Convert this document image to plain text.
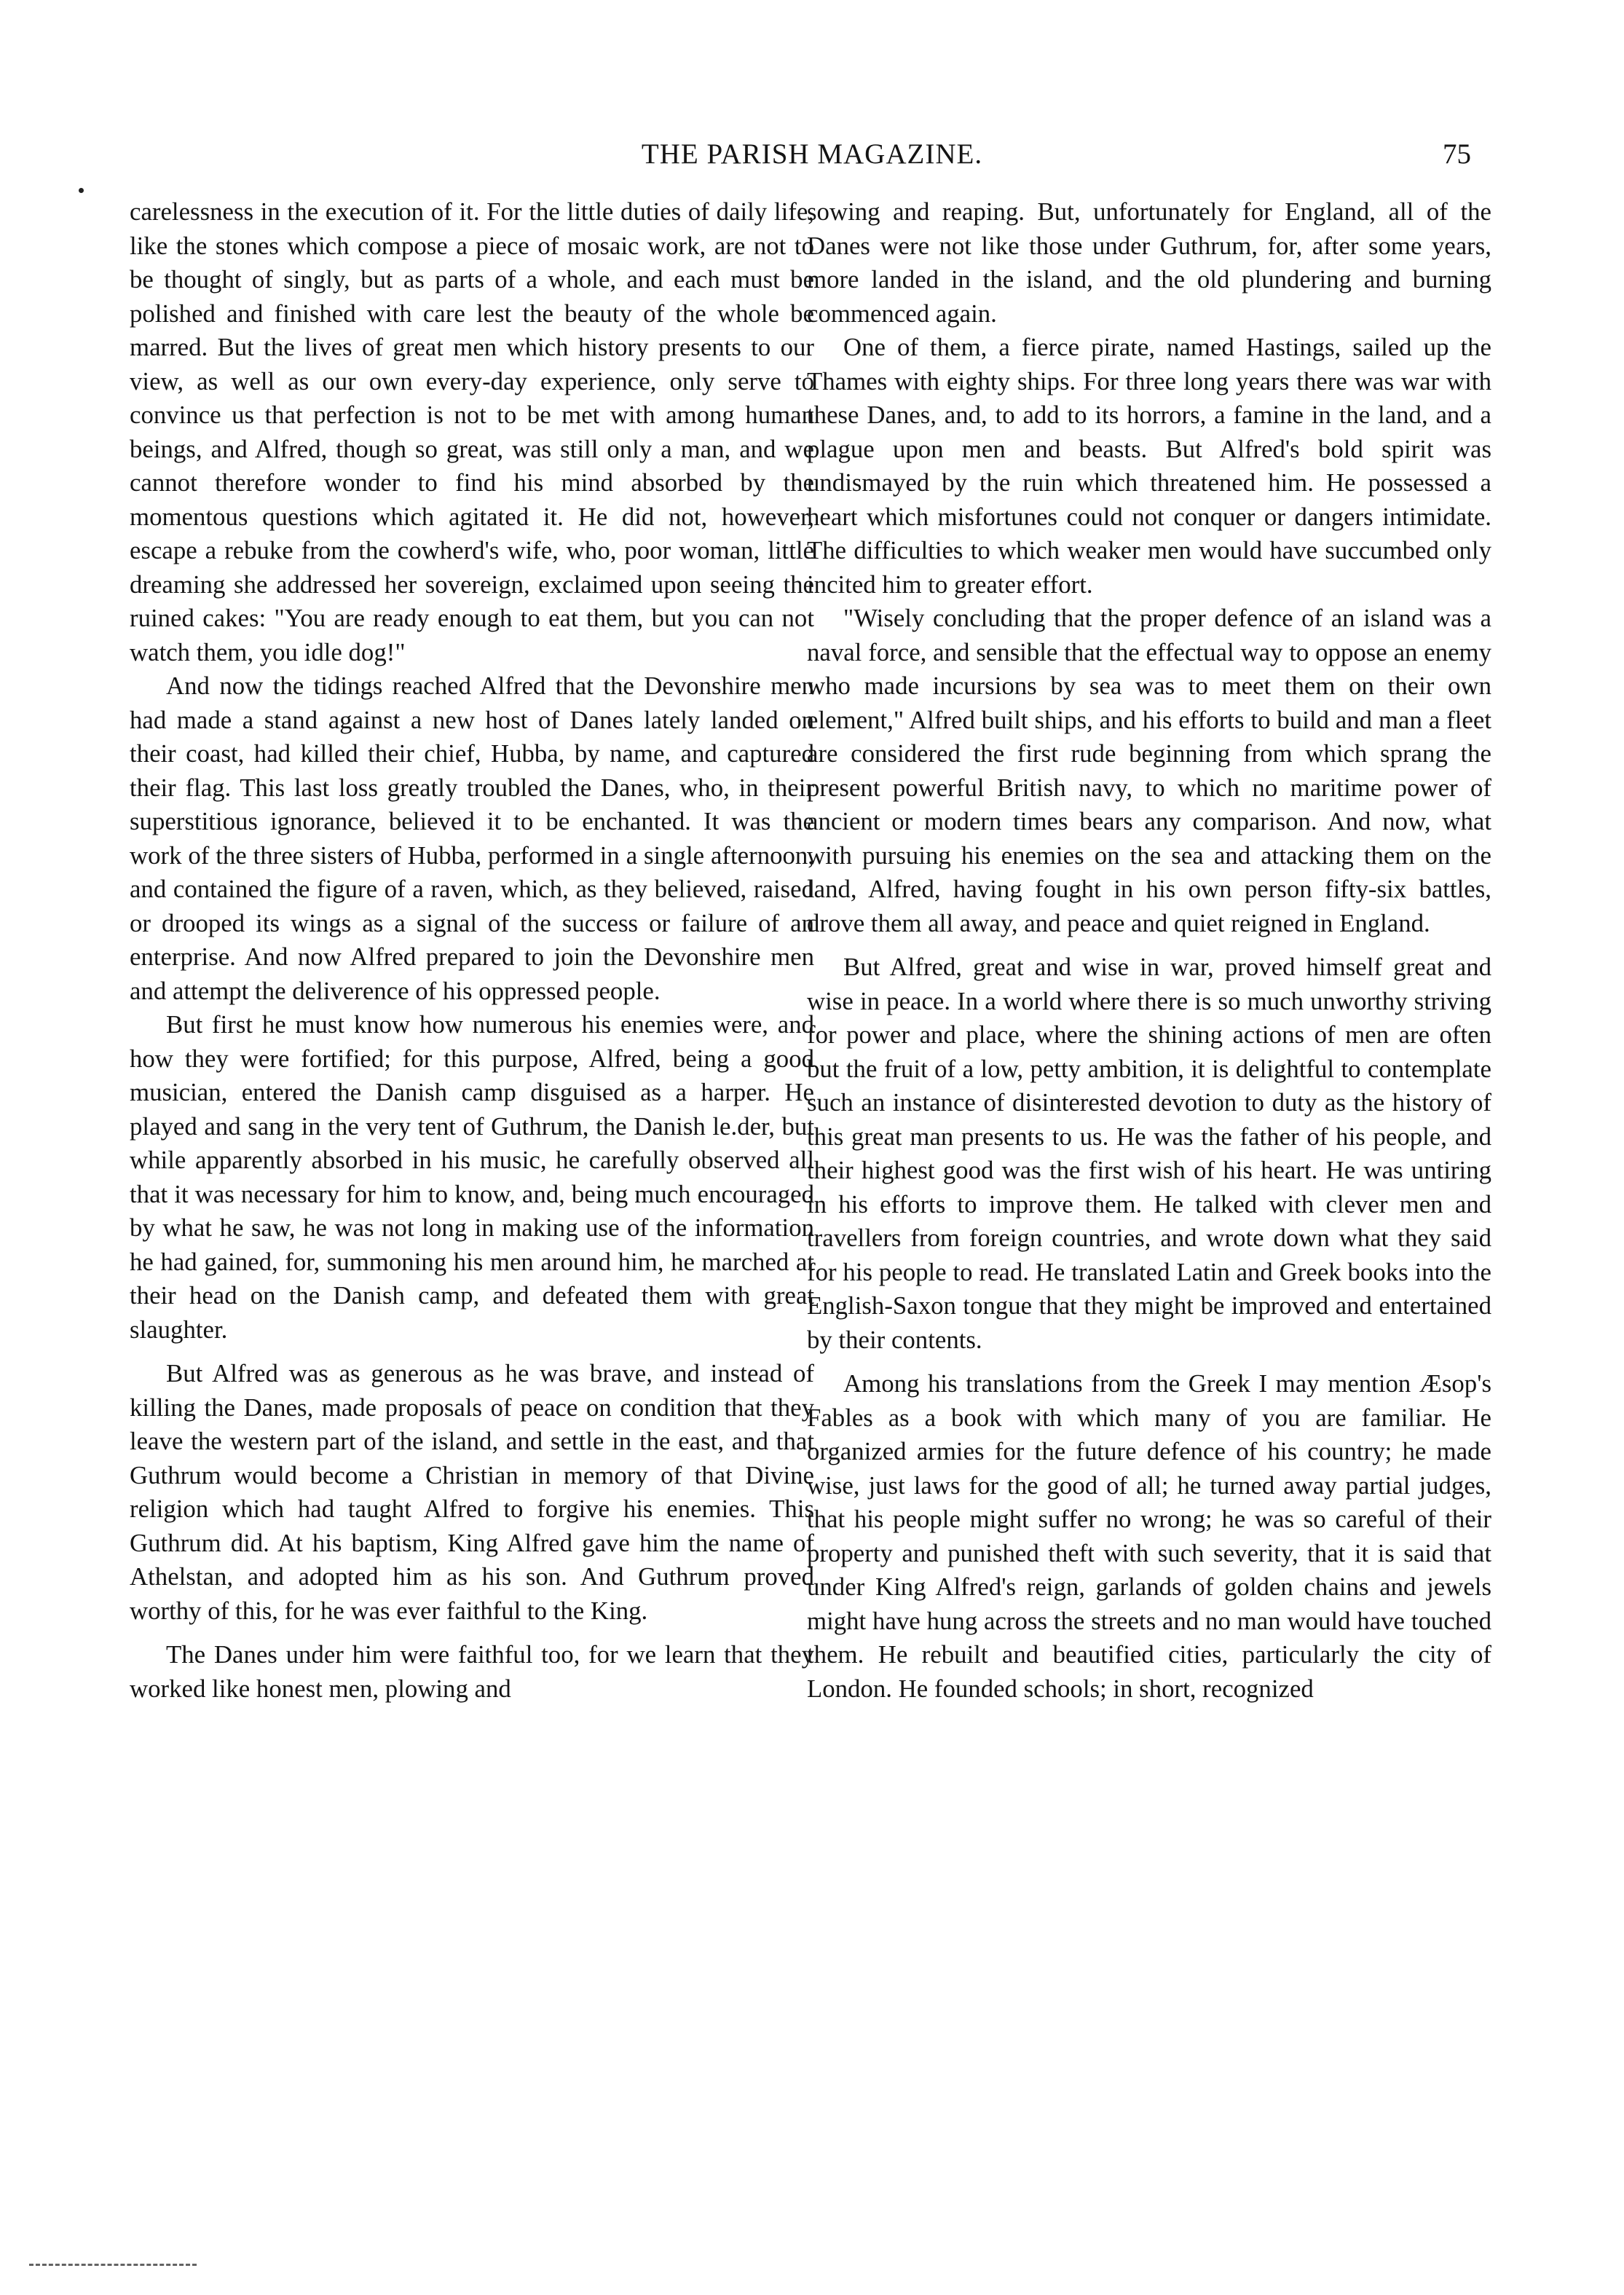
THE PARISH MAGAZINE.	75

carelessness in the execution of it. For the little duties of daily life, like the stones which compose a piece of mosaic work, are not to be thought of singly, but as parts of a whole, and each must be polished and finished with care lest the beauty of the whole be marred. But the lives of great men which history presents to our view, as well as our own every-day experience, only serve to convince us that perfection is not to be met with among human beings, and Alfred, though so great, was still only a man, and we cannot therefore wonder to find his mind absorbed by the momentous questions which agitated it. He did not, however, escape a rebuke from the cowherd's wife, who, poor woman, little dreaming she addressed her sovereign, exclaimed upon seeing the ruined cakes: "You are ready enough to eat them, but you can not watch them, you idle dog!"

And now the tidings reached Alfred that the Devonshire men had made a stand against a new host of Danes lately landed on their coast, had killed their chief, Hubba, by name, and captured their flag. This last loss greatly troubled the Danes, who, in their superstitious ignorance, believed it to be enchanted. It was the work of the three sisters of Hubba, performed in a single afternoon, and contained the figure of a raven, which, as they believed, raised or drooped its wings as a signal of the success or failure of an enterprise. And now Alfred prepared to join the Devonshire men and attempt the deliverence of his oppressed people.

But first he must know how numerous his enemies were, and how they were fortified; for this purpose, Alfred, being a good musician, entered the Danish camp disguised as a harper. He played and sang in the very tent of Guthrum, the Danish le.der, but while apparently absorbed in his music, he carefully observed all that it was necessary for him to know, and, being much encouraged by what he saw, he was not long in making use of the information he had gained, for, summoning his men around him, he marched at their head on the Danish camp, and defeated them with great slaughter.

But Alfred was as generous as he was brave, and instead of killing the Danes, made proposals of peace on condition that they leave the western part of the island, and settle in the east, and that Guthrum would become a Christian in memory of that Divine religion which had taught Alfred to forgive his enemies. This Guthrum did. At his baptism, King Alfred gave him the name of Athelstan, and adopted him as his son. And Guthrum proved worthy of this, for he was ever faithful to the King.

The Danes under him were faithful too, for we learn that they worked like honest men, plowing and

sowing and reaping. But, unfortunately for England, all of the Danes were not like those under Guthrum, for, after some years, more landed in the island, and the old plundering and burning commenced again.

One of them, a fierce pirate, named Hastings, sailed up the Thames with eighty ships. For three long years there was war with these Danes, and, to add to its horrors, a famine in the land, and a plague upon men and beasts. But Alfred's bold spirit was undismayed by the ruin which threatened him. He possessed a heart which misfortunes could not conquer or dangers intimidate. The difficulties to which weaker men would have succumbed only incited him to greater effort.

"Wisely concluding that the proper defence of an island was a naval force, and sensible that the effectual way to oppose an enemy who made incursions by sea was to meet them on their own element," Alfred built ships, and his efforts to build and man a fleet are considered the first rude beginning from which sprang the present powerful British navy, to which no maritime power of ancient or modern times bears any comparison. And now, what with pursuing his enemies on the sea and attacking them on the land, Alfred, having fought in his own person fifty-six battles, drove them all away, and peace and quiet reigned in England.

But Alfred, great and wise in war, proved himself great and wise in peace. In a world where there is so much unworthy striving for power and place, where the shining actions of men are often but the fruit of a low, petty ambition, it is delightful to contemplate such an instance of disinterested devotion to duty as the history of this great man presents to us. He was the father of his people, and their highest good was the first wish of his heart. He was untiring in his efforts to improve them. He talked with clever men and travellers from foreign countries, and wrote down what they said for his people to read. He translated Latin and Greek books into the English-Saxon tongue that they might be improved and entertained by their contents.

Among his translations from the Greek I may mention Æsop's Fables as a book with which many of you are familiar. He organized armies for the future defence of his country; he made wise, just laws for the good of all; he turned away partial judges, that his people might suffer no wrong; he was so careful of their property and punished theft with such severity, that it is said that under King Alfred's reign, garlands of golden chains and jewels might have hung across the streets and no man would have touched them. He rebuilt and beautified cities, particularly the city of London. He founded schools; in short, recognized
